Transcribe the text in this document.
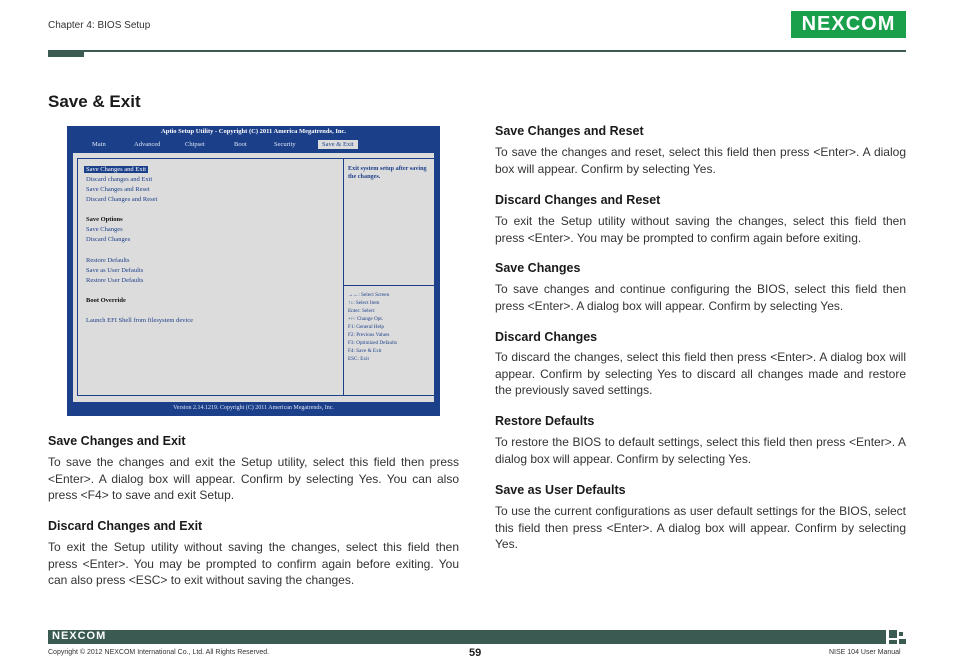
Chapter 4: BIOS Setup	NEXCOM
Save & Exit
Aptio Setup Utility - Copyright (C) 2011 America Megatrends, Inc.
Main	Advanced	Chipset	Boot	Security	Save & Exit
Save Changes and Exit
Discard changes and Exit
Save Changes and Reset
Discard Changes and Reset
Save Options
Save Changes
Discard Changes
Restore Defaults
Save as User Defaults
Restore User Defaults
Boot Override
Launch EFI Shell from filesystem device
Exit system setup after saving the changes.
→←: Select Screen
↑↓: Select Item
Enter: Select
+/-: Change Opt.
F1: General Help
F2: Previous Values
F3: Optimized Defaults
F4: Save & Exit
ESC: Exit
Version 2.14.1219. Copyright (C) 2011 American Megatrends, Inc.
Save Changes and Exit
To save the changes and exit the Setup utility, select this field then press <Enter>. A dialog box will appear. Confirm by selecting Yes. You can also press <F4> to save and exit Setup.
Discard Changes and Exit
To exit the Setup utility without saving the changes, select this field then press <Enter>. You may be prompted to confirm again before exiting. You can also press <ESC> to exit without saving the changes.
Save Changes and Reset
To save the changes and reset, select this field then press <Enter>. A dialog box will appear. Confirm by selecting Yes.
Discard Changes and Reset
To exit the Setup utility without saving the changes, select this field then press <Enter>. You may be prompted to confirm again before exiting.
Save Changes
To save changes and continue configuring the BIOS, select this field then press <Enter>. A dialog box will appear. Confirm by selecting Yes.
Discard Changes
To discard the changes, select this field then press <Enter>. A dialog box will appear. Confirm by selecting Yes to discard all changes made and restore the previously saved settings.
Restore Defaults
To restore the BIOS to default settings, select this field then press <Enter>. A dialog box will appear. Confirm by selecting Yes.
Save as User Defaults
To use the current configurations as user default settings for the BIOS, select this field then press <Enter>. A dialog box will appear. Confirm by selecting Yes.
NEXCOM
Copyright © 2012 NEXCOM International Co., Ltd. All Rights Reserved.	59	NISE 104 User Manual
